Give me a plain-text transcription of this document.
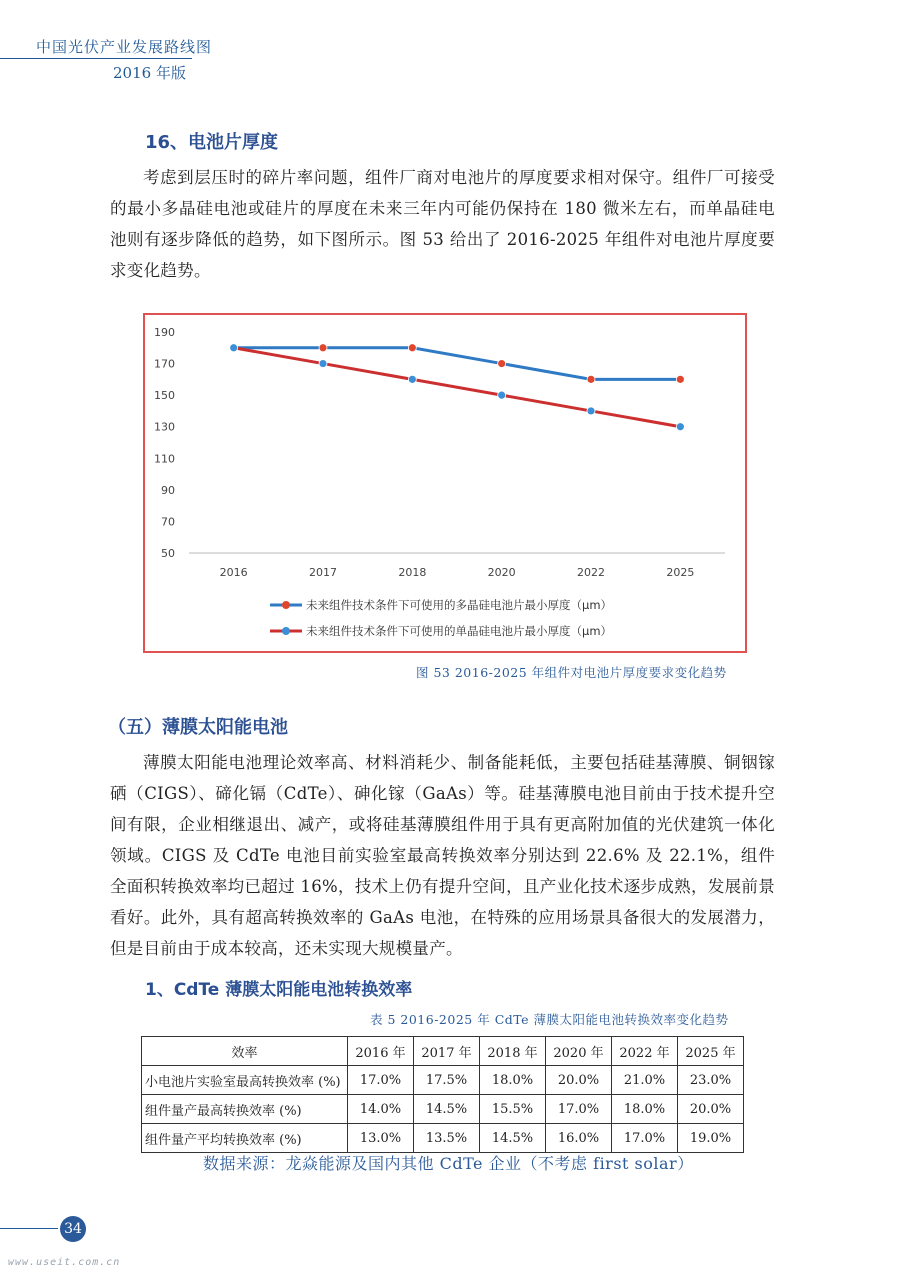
中国光伏产业发展路线图
2016 年版
16、电池片厚度
考虑到层压时的碎片率问题，组件厂商对电池片的厚度要求相对保守。组件厂可接受的最小多晶硅电池或硅片的厚度在未来三年内可能仍保持在 180 微米左右，而单晶硅电池则有逐步降低的趋势，如下图所示。图 53 给出了 2016-2025 年组件对电池片厚度要求变化趋势。
50
70
90
110
130
150
170
190
2016	2017	2018	2020	2022	2025
未来组件技术条件下可使用的多晶硅电池片最小厚度（μm）
未来组件技术条件下可使用的单晶硅电池片最小厚度（μm）
图 53 2016-2025 年组件对电池片厚度要求变化趋势
（五）薄膜太阳能电池
薄膜太阳能电池理论效率高、材料消耗少、制备能耗低，主要包括硅基薄膜、铜铟镓硒（CIGS）、碲化镉（CdTe）、砷化镓（GaAs）等。硅基薄膜电池目前由于技术提升空间有限，企业相继退出、减产，或将硅基薄膜组件用于具有更高附加值的光伏建筑一体化领域。CIGS 及 CdTe 电池目前实验室最高转换效率分别达到 22.6% 及 22.1%，组件全面积转换效率均已超过 16%，技术上仍有提升空间，且产业化技术逐步成熟，发展前景看好。此外，具有超高转换效率的 GaAs 电池，在特殊的应用场景具备很大的发展潜力，但是目前由于成本较高，还未实现大规模量产。
1、CdTe 薄膜太阳能电池转换效率
表 5 2016-2025 年 CdTe 薄膜太阳能电池转换效率变化趋势
效率	2016 年	2017 年	2018 年	2020 年	2022 年	2025 年
小电池片实验室最高转换效率 (%)	17.0%	17.5%	18.0%	20.0%	21.0%	23.0%
组件量产最高转换效率 (%)	14.0%	14.5%	15.5%	17.0%	18.0%	20.0%
组件量产平均转换效率 (%)	13.0%	13.5%	14.5%	16.0%	17.0%	19.0%
数据来源：龙焱能源及国内其他 CdTe 企业（不考虑 first solar）
34
www.useit.com.cn
